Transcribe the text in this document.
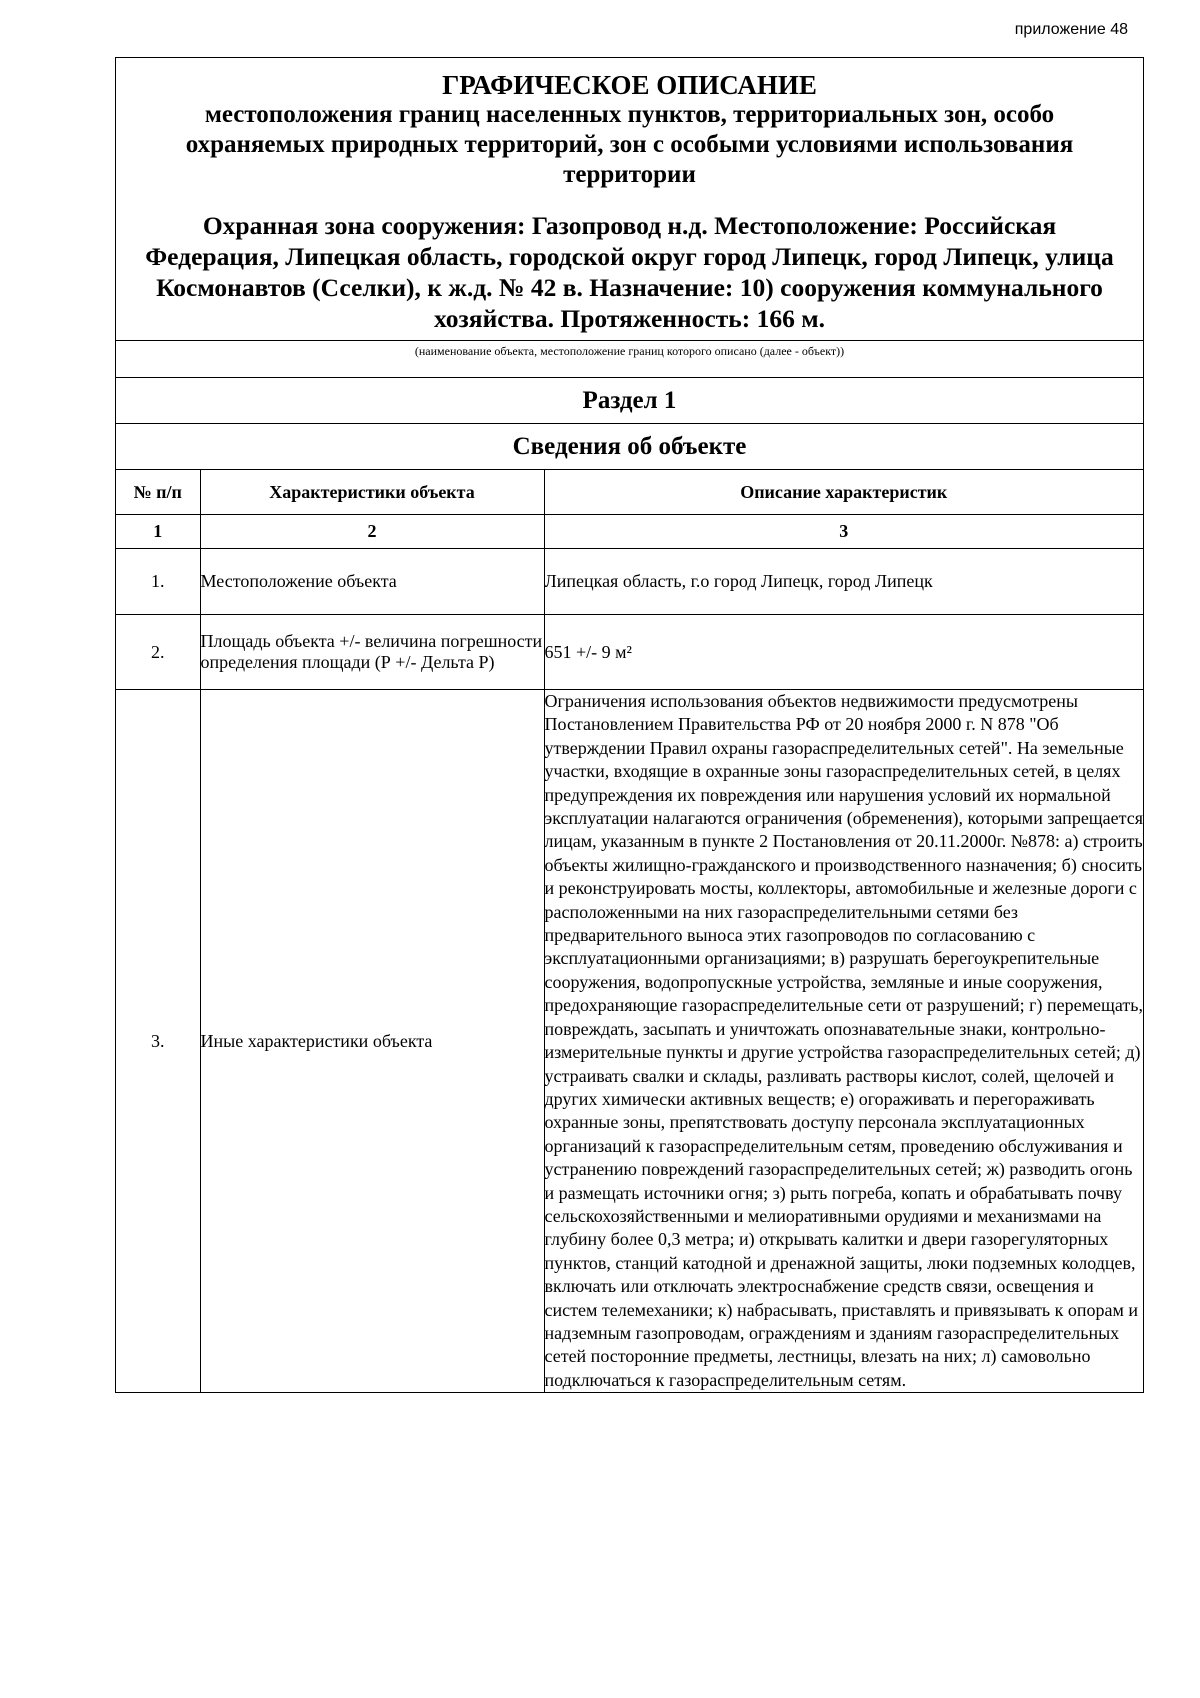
приложение 48
ГРАФИЧЕСКОЕ ОПИСАНИЕ
местоположения границ населенных пунктов, территориальных зон, особо охраняемых природных территорий, зон с особыми условиями использования территории
Охранная зона сооружения: Газопровод н.д. Местоположение: Российская Федерация, Липецкая область, городской округ город Липецк, город Липецк, улица Космонавтов (Сселки), к ж.д. № 42 в. Назначение: 10) сооружения коммунального хозяйства. Протяженность: 166 м.
(наименование объекта, местоположение границ которого описано (далее - объект))
Раздел 1
Сведения об объекте
№ п/п	Характеристики объекта	Описание характеристик
1	2	3
1.	Местоположение объекта	Липецкая область, г.о город Липецк, город Липецк
2.	Площадь объекта +/- величина погрешности определения площади (Р +/- Дельта Р)	651 +/- 9 м²
3.	Иные характеристики объекта	Ограничения использования объектов недвижимости предусмотрены Постановлением Правительства РФ от 20 ноября 2000 г. N 878 "Об утверждении Правил охраны газораспределительных сетей". На земельные участки, входящие в охранные зоны газораспределительных сетей, в целях предупреждения их повреждения или нарушения условий их нормальной эксплуатации налагаются ограничения (обременения), которыми запрещается лицам, указанным в пункте 2 Постановления от 20.11.2000г. №878: а) строить объекты жилищно-гражданского и производственного назначения; б) сносить и реконструировать мосты, коллекторы, автомобильные и железные дороги с расположенными на них газораспределительными сетями без предварительного выноса этих газопроводов по согласованию с эксплуатационными организациями; в) разрушать берегоукрепительные сооружения, водопропускные устройства, земляные и иные сооружения, предохраняющие газораспределительные сети от разрушений; г) перемещать, повреждать, засыпать и уничтожать опознавательные знаки, контрольно-измерительные пункты и другие устройства газораспределительных сетей; д) устраивать свалки и склады, разливать растворы кислот, солей, щелочей и других химически активных веществ; е) огораживать и перегораживать охранные зоны, препятствовать доступу персонала эксплуатационных организаций к газораспределительным сетям, проведению обслуживания и устранению повреждений газораспределительных сетей; ж) разводить огонь и размещать источники огня; з) рыть погреба, копать и обрабатывать почву сельскохозяйственными и мелиоративными орудиями и механизмами на глубину более 0,3 метра; и) открывать калитки и двери газорегуляторных пунктов, станций катодной и дренажной защиты, люки подземных колодцев, включать или отключать электроснабжение средств связи, освещения и систем телемеханики; к) набрасывать, приставлять и привязывать к опорам и надземным газопроводам, ограждениям и зданиям газораспределительных сетей посторонние предметы, лестницы, влезать на них; л) самовольно подключаться к газораспределительным сетям.
